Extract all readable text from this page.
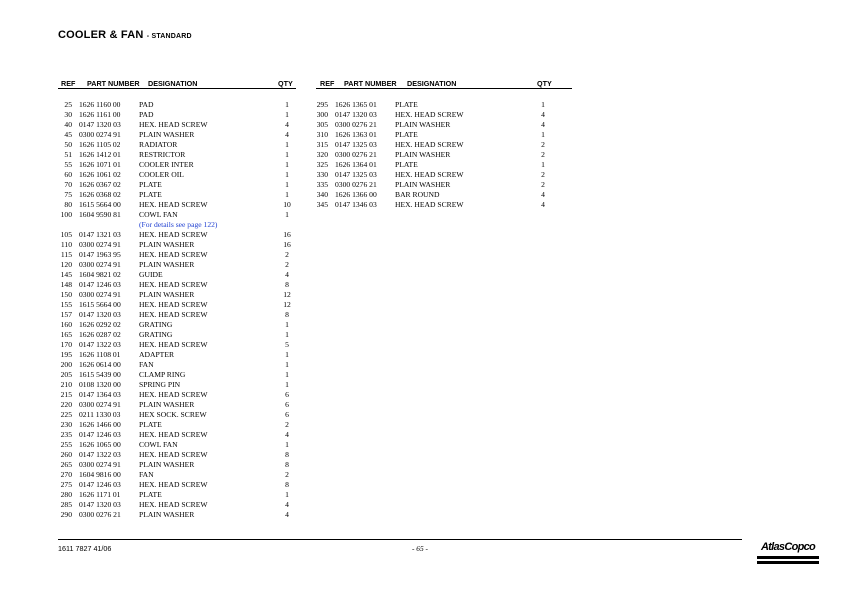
COOLER & FAN - STANDARD
REF PART NUMBER DESIGNATION	QTY	REF PART NUMBER DESIGNATION	QTY
25 1626 1160 00 PAD	1
30 1626 1161 00 PAD	1
40 0147 1320 03 HEX. HEAD SCREW	4
45 0300 0274 91 PLAIN WASHER	4
50 1626 1105 02 RADIATOR	1
51 1626 1412 01 RESTRICTOR	1
55 1626 1071 01 COOLER INTER	1
60 1626 1061 02 COOLER OIL	1
70 1626 0367 02 PLATE	1
75 1626 0368 02 PLATE	1
80 1615 5664 00 HEX. HEAD SCREW	10
100 1604 9590 81 COWL FAN	1
(For details see page 122)
105 0147 1321 03 HEX. HEAD SCREW	16
110 0300 0274 91 PLAIN WASHER	16
115 0147 1963 95 HEX. HEAD SCREW	2
120 0300 0274 91 PLAIN WASHER	2
145 1604 9821 02 GUIDE	4
148 0147 1246 03 HEX. HEAD SCREW	8
150 0300 0274 91 PLAIN WASHER	12
155 1615 5664 00 HEX. HEAD SCREW	12
157 0147 1320 03 HEX. HEAD SCREW	8
160 1626 0292 02 GRATING	1
165 1626 0287 02 GRATING	1
170 0147 1322 03 HEX. HEAD SCREW	5
195 1626 1108 01 ADAPTER	1
200 1626 0614 00 FAN	1
205 1615 5439 00 CLAMP RING	1
210 0108 1320 00 SPRING PIN	1
215 0147 1364 03 HEX. HEAD SCREW	6
220 0300 0274 91 PLAIN WASHER	6
225 0211 1330 03 HEX SOCK. SCREW	6
230 1626 1466 00 PLATE	2
235 0147 1246 03 HEX. HEAD SCREW	4
255 1626 1065 00 COWL FAN	1
260 0147 1322 03 HEX. HEAD SCREW	8
265 0300 0274 91 PLAIN WASHER	8
270 1604 9816 00 FAN	2
275 0147 1246 03 HEX. HEAD SCREW	8
280 1626 1171 01 PLATE	1
285 0147 1320 03 HEX. HEAD SCREW	4
290 0300 0276 21 PLAIN WASHER	4
295 1626 1365 01 PLATE	1
300 0147 1320 03 HEX. HEAD SCREW	4
305 0300 0276 21 PLAIN WASHER	4
310 1626 1363 01 PLATE	1
315 0147 1325 03 HEX. HEAD SCREW	2
320 0300 0276 21 PLAIN WASHER	2
325 1626 1364 01 PLATE	1
330 0147 1325 03 HEX. HEAD SCREW	2
335 0300 0276 21 PLAIN WASHER	2
340 1626 1366 00 BAR ROUND	4
345 0147 1346 03 HEX. HEAD SCREW	4
1611 7827 41/06	- 65 -	AtlasCopco
